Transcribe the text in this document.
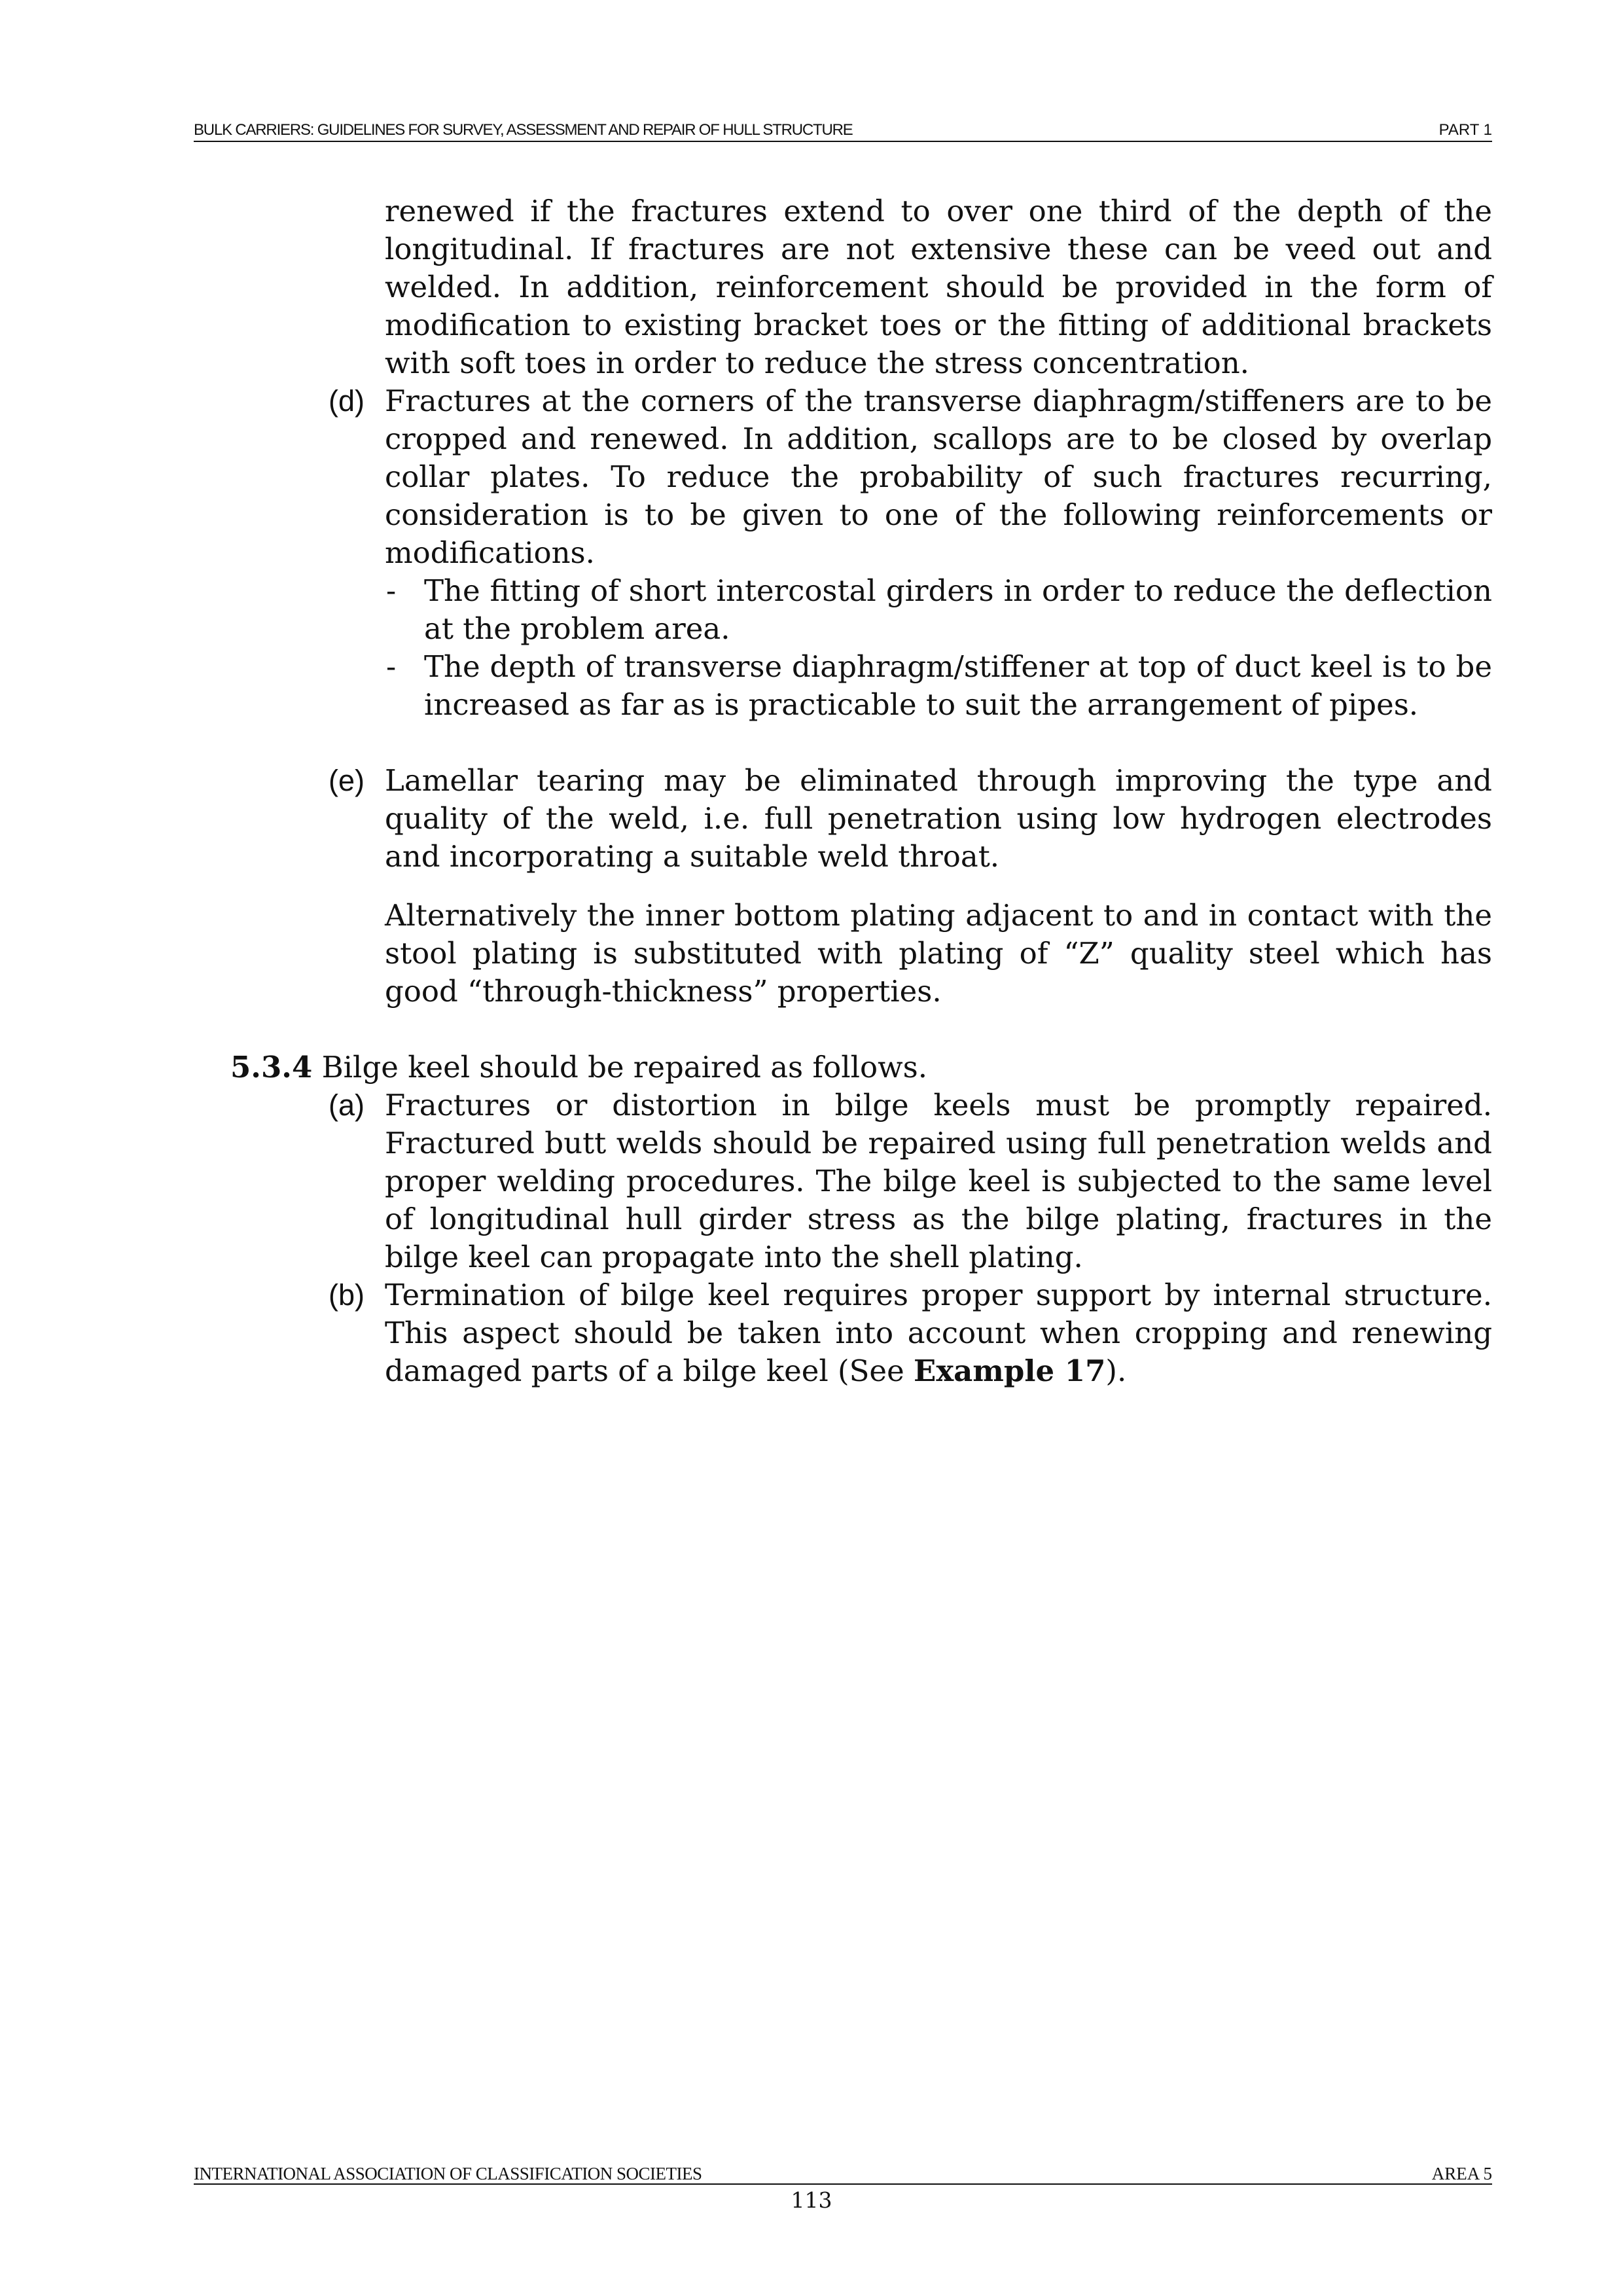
BULK CARRIERS: GUIDELINES FOR SURVEY, ASSESSMENT AND REPAIR OF HULL STRUCTURE	PART 1
renewed if the fractures extend to over one third of the depth of the longitudinal. If fractures are not extensive these can be veed out and welded. In addition, reinforcement should be provided in the form of modification to existing bracket toes or the fitting of additional brackets with soft toes in order to reduce the stress concentration.
(d) Fractures at the corners of the transverse diaphragm/stiffeners are to be cropped and renewed. In addition, scallops are to be closed by overlap collar plates. To reduce the probability of such fractures recurring, consideration is to be given to one of the following reinforcements or modifications.
- The fitting of short intercostal girders in order to reduce the deflection at the problem area.
- The depth of transverse diaphragm/stiffener at top of duct keel is to be increased as far as is practicable to suit the arrangement of pipes.
(e) Lamellar tearing may be eliminated through improving the type and quality of the weld, i.e. full penetration using low hydrogen electrodes and incorporating a suitable weld throat.
Alternatively the inner bottom plating adjacent to and in contact with the stool plating is substituted with plating of “Z” quality steel which has good “through-thickness” properties.
5.3.4 Bilge keel should be repaired as follows.
(a) Fractures or distortion in bilge keels must be promptly repaired. Fractured butt welds should be repaired using full penetration welds and proper welding procedures. The bilge keel is subjected to the same level of longitudinal hull girder stress as the bilge plating, fractures in the bilge keel can propagate into the shell plating.
(b) Termination of bilge keel requires proper support by internal structure. This aspect should be taken into account when cropping and renewing damaged parts of a bilge keel (See Example 17).
INTERNATIONAL ASSOCIATION OF CLASSIFICATION SOCIETIES	AREA 5
113
